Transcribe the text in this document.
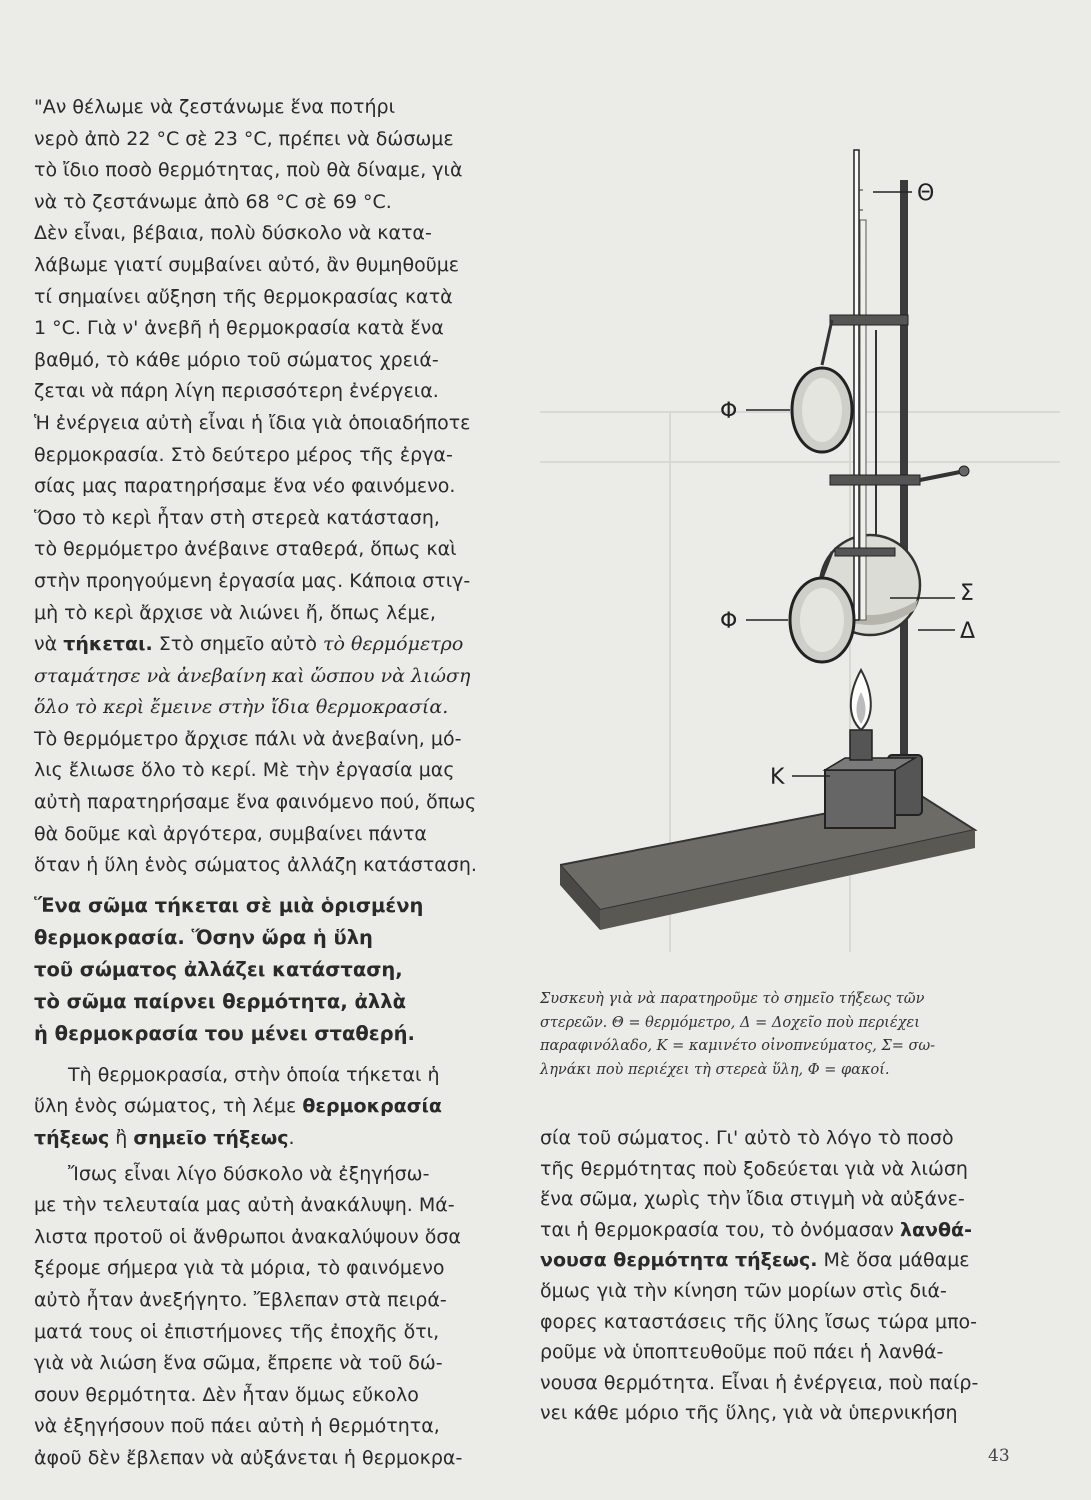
"Αν θέλωμε νὰ ζεστάνωμε ἕνα ποτήρι
νερὸ ἀπὸ 22 °C σὲ 23 °C, πρέπει νὰ δώσωμε
τὸ ἴδιο ποσὸ θερμότητας, ποὺ θὰ δίναμε, γιὰ
νὰ τὸ ζεστάνωμε ἀπὸ 68 °C σὲ 69 °C.
Δὲν εἶναι, βέβαια, πολὺ δύσκολο νὰ κατα-
λάβωμε γιατί συμβαίνει αὐτό, ἂν θυμηθοῦμε
τί σημαίνει αὔξηση τῆς θερμοκρασίας κατὰ
1 °C. Γιὰ ν' ἀνεβῆ ἡ θερμοκρασία κατὰ ἕνα
βαθμό, τὸ κάθε μόριο τοῦ σώματος χρειά-
ζεται νὰ πάρη λίγη περισσότερη ἐνέργεια.
Ἡ ἐνέργεια αὐτὴ εἶναι ἡ ἴδια γιὰ ὁποιαδήποτε
θερμοκρασία. Στὸ δεύτερο μέρος τῆς ἐργα-
σίας μας παρατηρήσαμε ἕνα νέο φαινόμενο.
Ὅσο τὸ κερὶ ἦταν στὴ στερεὰ κατάσταση,
τὸ θερμόμετρο ἀνέβαινε σταθερά, ὅπως καὶ
στὴν προηγούμενη ἐργασία μας. Κάποια στιγ-
μὴ τὸ κερὶ ἄρχισε νὰ λιώνει ἤ, ὅπως λέμε,
νὰ τήκεται. Στὸ σημεῖο αὐτὸ τὸ θερμόμετρο
σταμάτησε νὰ ἀνεβαίνη καὶ ὥσπου νὰ λιώση
ὅλο τὸ κερὶ ἔμεινε στὴν ἴδια θερμοκρασία.
Τὸ θερμόμετρο ἄρχισε πάλι νὰ ἀνεβαίνη, μό-
λις ἔλιωσε ὅλο τὸ κερί. Μὲ τὴν ἐργασία μας
αὐτὴ παρατηρήσαμε ἕνα φαινόμενο πού, ὅπως
θὰ δοῦμε καὶ ἀργότερα, συμβαίνει πάντα
ὅταν ἡ ὕλη ἑνὸς σώματος ἀλλάζη κατάσταση.

Ἕνα σῶμα τήκεται σὲ μιὰ ὁρισμένη
θερμοκρασία. Ὅσην ὥρα ἡ ὕλη
τοῦ σώματος ἀλλάζει κατάσταση,
τὸ σῶμα παίρνει θερμότητα, ἀλλὰ
ἡ θερμοκρασία του μένει σταθερή.

Τὴ θερμοκρασία, στὴν ὁποία τήκεται ἡ
ὕλη ἑνὸς σώματος, τὴ λέμε θερμοκρασία
τήξεως ἢ σημεῖο τήξεως.

Ἴσως εἶναι λίγο δύσκολο νὰ ἐξηγήσω-
με τὴν τελευταία μας αὐτὴ ἀνακάλυψη. Μά-
λιστα προτοῦ οἱ ἄνθρωποι ἀνακαλύψουν ὅσα
ξέρομε σήμερα γιὰ τὰ μόρια, τὸ φαινόμενο
αὐτὸ ἦταν ἀνεξήγητο. Ἔβλεπαν στὰ πειρά-
ματά τους οἱ ἐπιστήμονες τῆς ἐποχῆς ὅτι,
γιὰ νὰ λιώση ἕνα σῶμα, ἔπρεπε νὰ τοῦ δώ-
σουν θερμότητα. Δὲν ἦταν ὅμως εὔκολο
νὰ ἐξηγήσουν ποῦ πάει αὐτὴ ἡ θερμότητα,
ἀφοῦ δὲν ἔβλεπαν νὰ αὐξάνεται ἡ θερμοκρα-

Θ
Φ
Φ
Σ
Δ
Κ
Συσκευὴ γιὰ νὰ παρατηροῦμε τὸ σημεῖο τήξεως τῶν
στερεῶν. Θ = θερμόμετρο, Δ = Δοχεῖο ποὺ περιέχει
παραφινόλαδο, Κ = καμινέτο οἰνοπνεύματος, Σ= σω-
ληνάκι ποὺ περιέχει τὴ στερεὰ ὕλη, Φ = φακοί.

σία τοῦ σώματος. Γι' αὐτὸ τὸ λόγο τὸ ποσὸ
τῆς θερμότητας ποὺ ξοδεύεται γιὰ νὰ λιώση
ἕνα σῶμα, χωρὶς τὴν ἴδια στιγμὴ νὰ αὐξάνε-
ται ἡ θερμοκρασία του, τὸ ὀνόμασαν λανθά-
νουσα θερμότητα τήξεως. Μὲ ὅσα μάθαμε
ὅμως γιὰ τὴν κίνηση τῶν μορίων στὶς διά-
φορες καταστάσεις τῆς ὕλης ἴσως τώρα μπο-
ροῦμε νὰ ὑποπτευθοῦμε ποῦ πάει ἡ λανθά-
νουσα θερμότητα. Εἶναι ἡ ἐνέργεια, ποὺ παίρ-
νει κάθε μόριο τῆς ὕλης, γιὰ νὰ ὑπερνικήση

43
